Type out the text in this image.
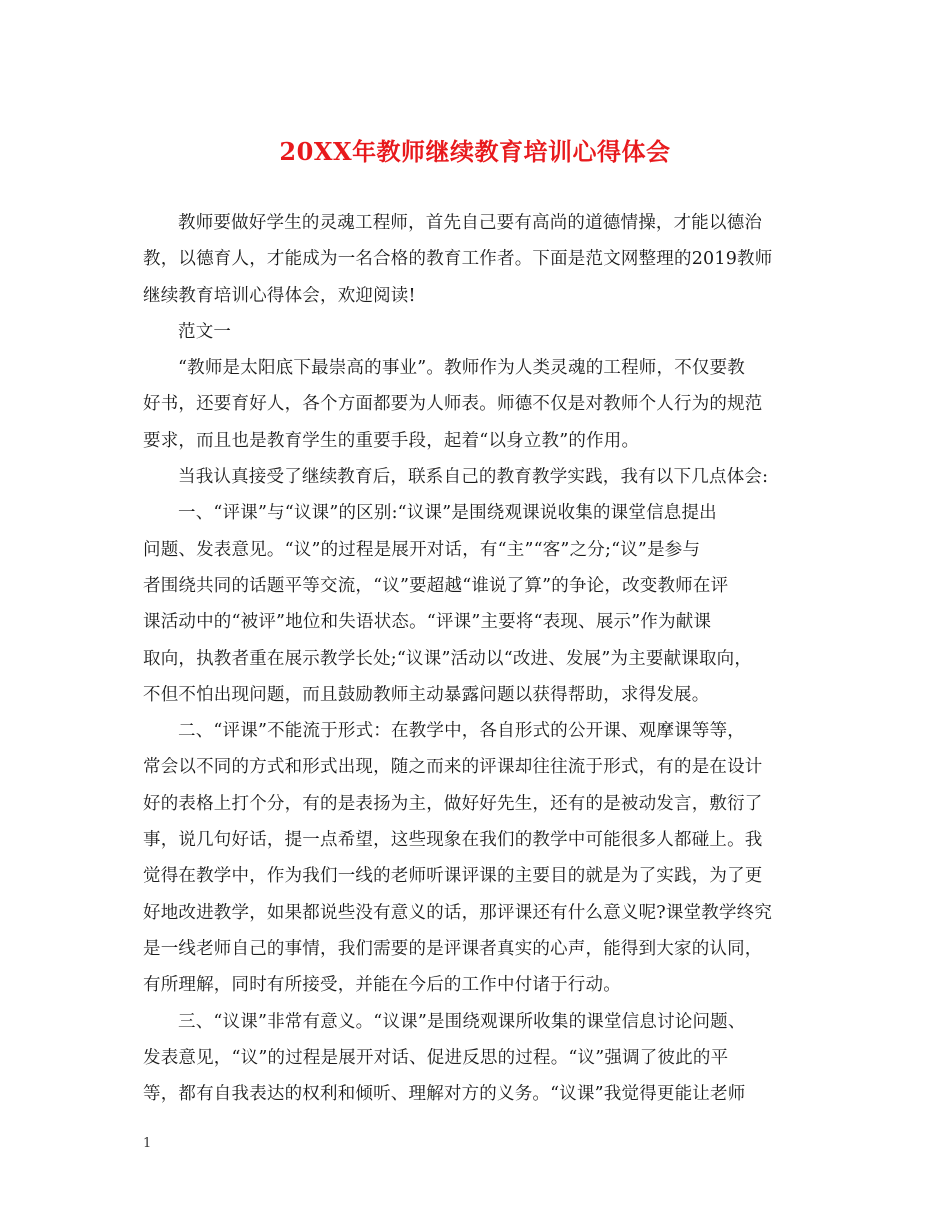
20XX年教师继续教育培训心得体会

教师要做好学生的灵魂工程师，首先自己要有高尚的道德情操，才能以德治
教，以德育人，才能成为一名合格的教育工作者。下面是范文网整理的2019教师
继续教育培训心得体会，欢迎阅读!

范文一

“教师是太阳底下最崇高的事业”。教师作为人类灵魂的工程师，不仅要教
好书，还要育好人，各个方面都要为人师表。师德不仅是对教师个人行为的规范
要求，而且也是教育学生的重要手段，起着“以身立教”的作用。

当我认真接受了继续教育后，联系自己的教育教学实践，我有以下几点体会:

一、“评课”与“议课”的区别:“议课”是围绕观课说收集的课堂信息提出
问题、发表意见。“议”的过程是展开对话，有“主”“客”之分;“议”是参与
者围绕共同的话题平等交流，“议”要超越“谁说了算”的争论，改变教师在评
课活动中的“被评”地位和失语状态。“评课”主要将“表现、展示”作为献课
取向，执教者重在展示教学长处;“议课”活动以“改进、发展”为主要献课取向，
不但不怕出现问题，而且鼓励教师主动暴露问题以获得帮助，求得发展。

二、“评课”不能流于形式：在教学中，各自形式的公开课、观摩课等等，
常会以不同的方式和形式出现，随之而来的评课却往往流于形式，有的是在设计
好的表格上打个分，有的是表扬为主，做好好先生，还有的是被动发言，敷衍了
事，说几句好话，提一点希望，这些现象在我们的教学中可能很多人都碰上。我
觉得在教学中，作为我们一线的老师听课评课的主要目的就是为了实践，为了更
好地改进教学，如果都说些没有意义的话，那评课还有什么意义呢?课堂教学终究
是一线老师自己的事情，我们需要的是评课者真实的心声，能得到大家的认同，
有所理解，同时有所接受，并能在今后的工作中付诸于行动。

三、“议课”非常有意义。“议课”是围绕观课所收集的课堂信息讨论问题、
发表意见，“议”的过程是展开对话、促进反思的过程。“议”强调了彼此的平
等，都有自我表达的权利和倾听、理解对方的义务。“议课”我觉得更能让老师

1
